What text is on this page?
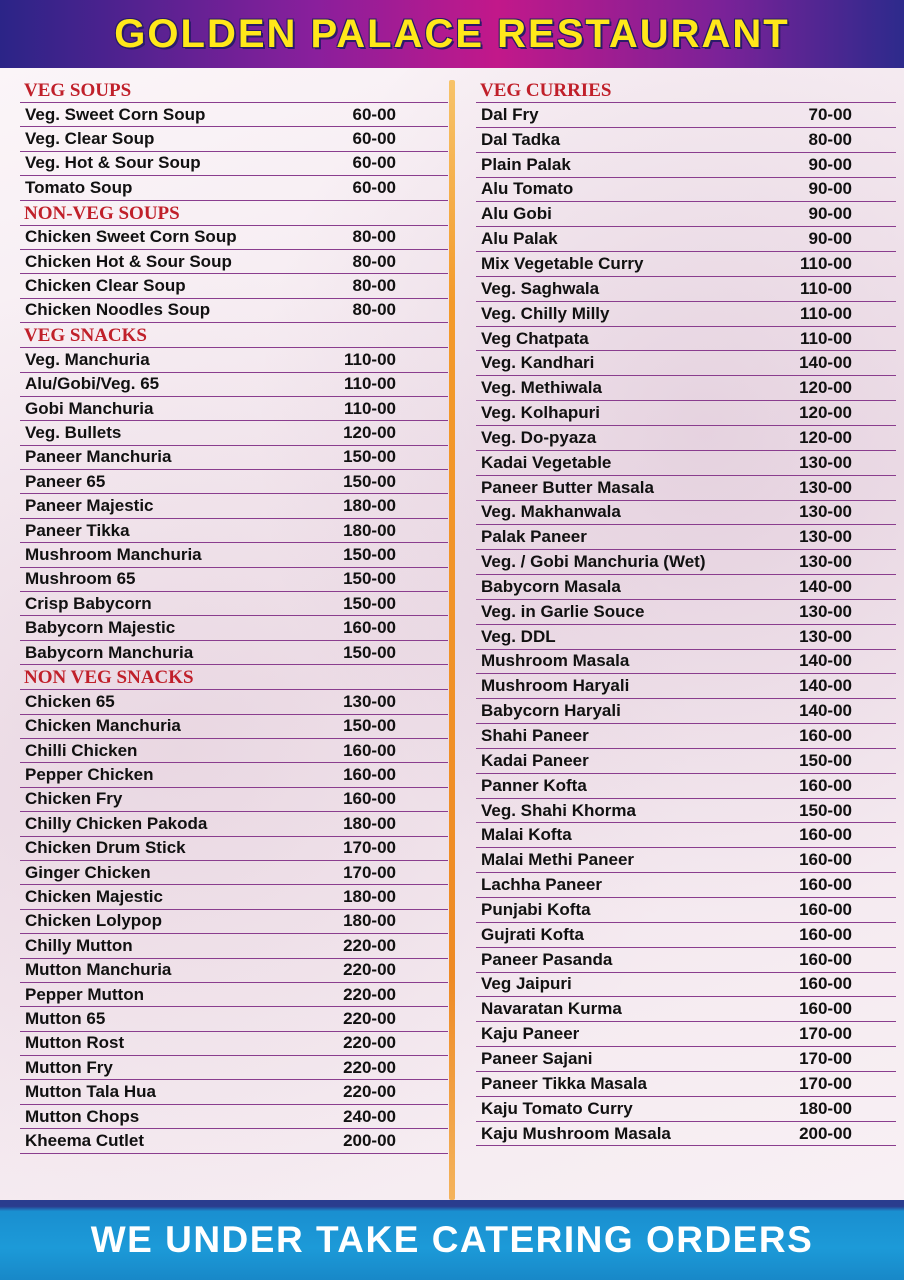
GOLDEN PALACE RESTAURANT
VEG SOUPS
Veg. Sweet Corn Soup	60-00
Veg. Clear Soup	60-00
Veg. Hot & Sour Soup	60-00
Tomato Soup	60-00
NON-VEG SOUPS
Chicken Sweet Corn Soup	80-00
Chicken Hot & Sour Soup	80-00
Chicken Clear Soup	80-00
Chicken Noodles Soup	80-00
VEG SNACKS
Veg. Manchuria	110-00
Alu/Gobi/Veg. 65	110-00
Gobi Manchuria	110-00
Veg. Bullets	120-00
Paneer Manchuria	150-00
Paneer 65	150-00
Paneer Majestic	180-00
Paneer Tikka	180-00
Mushroom Manchuria	150-00
Mushroom 65	150-00
Crisp Babycorn	150-00
Babycorn Majestic	160-00
Babycorn Manchuria	150-00
NON VEG SNACKS
Chicken 65	130-00
Chicken Manchuria	150-00
Chilli Chicken	160-00
Pepper Chicken	160-00
Chicken Fry	160-00
Chilly Chicken Pakoda	180-00
Chicken Drum Stick	170-00
Ginger Chicken	170-00
Chicken Majestic	180-00
Chicken Lolypop	180-00
Chilly Mutton	220-00
Mutton Manchuria	220-00
Pepper Mutton	220-00
Mutton 65	220-00
Mutton Rost	220-00
Mutton Fry	220-00
Mutton Tala Hua	220-00
Mutton Chops	240-00
Kheema Cutlet	200-00
VEG CURRIES
Dal Fry	70-00
Dal Tadka	80-00
Plain Palak	90-00
Alu Tomato	90-00
Alu Gobi	90-00
Alu Palak	90-00
Mix Vegetable Curry	110-00
Veg. Saghwala	110-00
Veg. Chilly Milly	110-00
Veg Chatpata	110-00
Veg. Kandhari	140-00
Veg. Methiwala	120-00
Veg. Kolhapuri	120-00
Veg. Do-pyaza	120-00
Kadai Vegetable	130-00
Paneer Butter Masala	130-00
Veg. Makhanwala	130-00
Palak Paneer	130-00
Veg. / Gobi Manchuria (Wet)	130-00
Babycorn Masala	140-00
Veg. in Garlie Souce	130-00
Veg. DDL	130-00
Mushroom Masala	140-00
Mushroom Haryali	140-00
Babycorn Haryali	140-00
Shahi Paneer	160-00
Kadai Paneer	150-00
Panner Kofta	160-00
Veg. Shahi Khorma	150-00
Malai Kofta	160-00
Malai Methi Paneer	160-00
Lachha Paneer	160-00
Punjabi Kofta	160-00
Gujrati Kofta	160-00
Paneer Pasanda	160-00
Veg Jaipuri	160-00
Navaratan Kurma	160-00
Kaju Paneer	170-00
Paneer Sajani	170-00
Paneer Tikka Masala	170-00
Kaju Tomato Curry	180-00
Kaju Mushroom Masala	200-00
WE UNDER TAKE CATERING ORDERS
